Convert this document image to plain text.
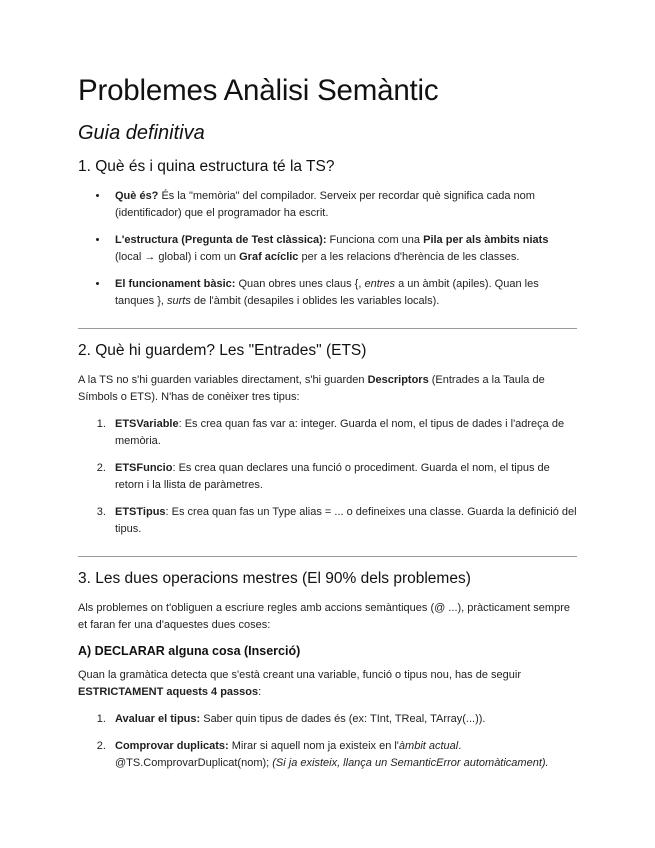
Problemes Anàlisi Semàntic
Guia definitiva
1. Què és i quina estructura té la TS?
• Què és? És la "memòria" del compilador. Serveix per recordar què significa cada nom (identificador) que el programador ha escrit.
• L'estructura (Pregunta de Test clàssica): Funciona com una Pila per als àmbits niats (local → global) i com un Graf acíclic per a les relacions d'herència de les classes.
• El funcionament bàsic: Quan obres unes claus {, entres a un àmbit (apiles). Quan les tanques }, surts de l'àmbit (desapiles i oblides les variables locals).
2. Què hi guardem? Les "Entrades" (ETS)

A la TS no s'hi guarden variables directament, s'hi guarden Descriptors (Entrades a la Taula de Símbols o ETS). N'has de conèixer tres tipus:

1. ETSVariable: Es crea quan fas var a: integer. Guarda el nom, el tipus de dades i l'adreça de memòria.
2. ETSFuncio: Es crea quan declares una funció o procediment. Guarda el nom, el tipus de retorn i la llista de paràmetres.
3. ETSTipus: Es crea quan fas un Type alias = ... o defineixes una classe. Guarda la definició del tipus.
3. Les dues operacions mestres (El 90% dels problemes)

Als problemes on t'obliguen a escriure regles amb accions semàntiques (@ ...), pràcticament sempre et faran fer una d'aquestes dues coses:

A) DECLARAR alguna cosa (Inserció)

Quan la gramàtica detecta que s'està creant una variable, funció o tipus nou, has de seguir ESTRICTAMENT aquests 4 passos:

1. Avaluar el tipus: Saber quin tipus de dades és (ex: TInt, TReal, TArray(...)).
2. Comprovar duplicats: Mirar si aquell nom ja existeix en l'àmbit actual. @TS.ComprovarDuplicat(nom); (Si ja existeix, llança un SemanticError automàticament).
